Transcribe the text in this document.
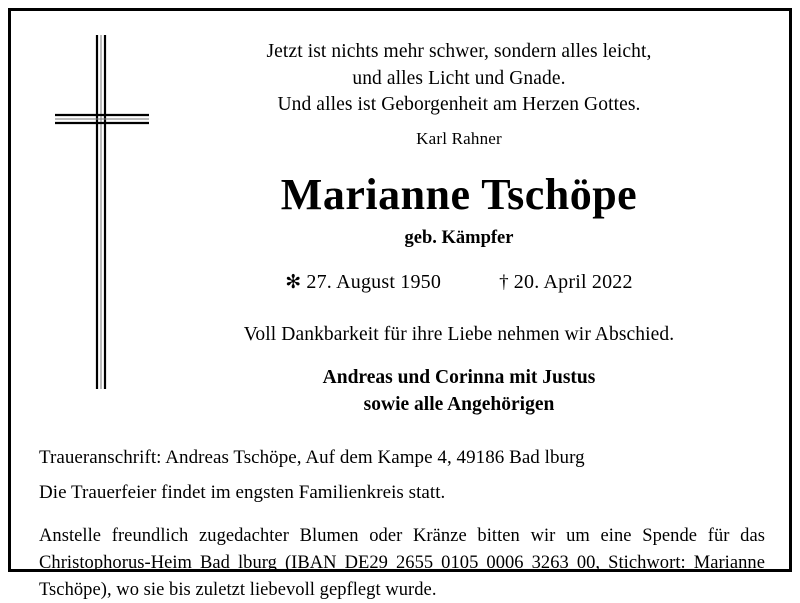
Jetzt ist nichts mehr schwer, sondern alles leicht,
und alles Licht und Gnade.
Und alles ist Geborgenheit am Herzen Gottes.
Karl Rahner
Marianne Tschöpe
geb. Kämpfer
✻ 27. August 1950	† 20. April 2022
Voll Dankbarkeit für ihre Liebe nehmen wir Abschied.
Andreas und Corinna mit Justus
sowie alle Angehörigen
Traueranschrift: Andreas Tschöpe, Auf dem Kampe 4, 49186 Bad lburg
Die Trauerfeier findet im engsten Familienkreis statt.
Anstelle freundlich zugedachter Blumen oder Kränze bitten wir um eine Spende für das Christophorus-Heim Bad lburg (IBAN DE29 2655 0105 0006 3263 00, Stichwort: Marianne Tschöpe), wo sie bis zuletzt liebevoll gepflegt wurde.
